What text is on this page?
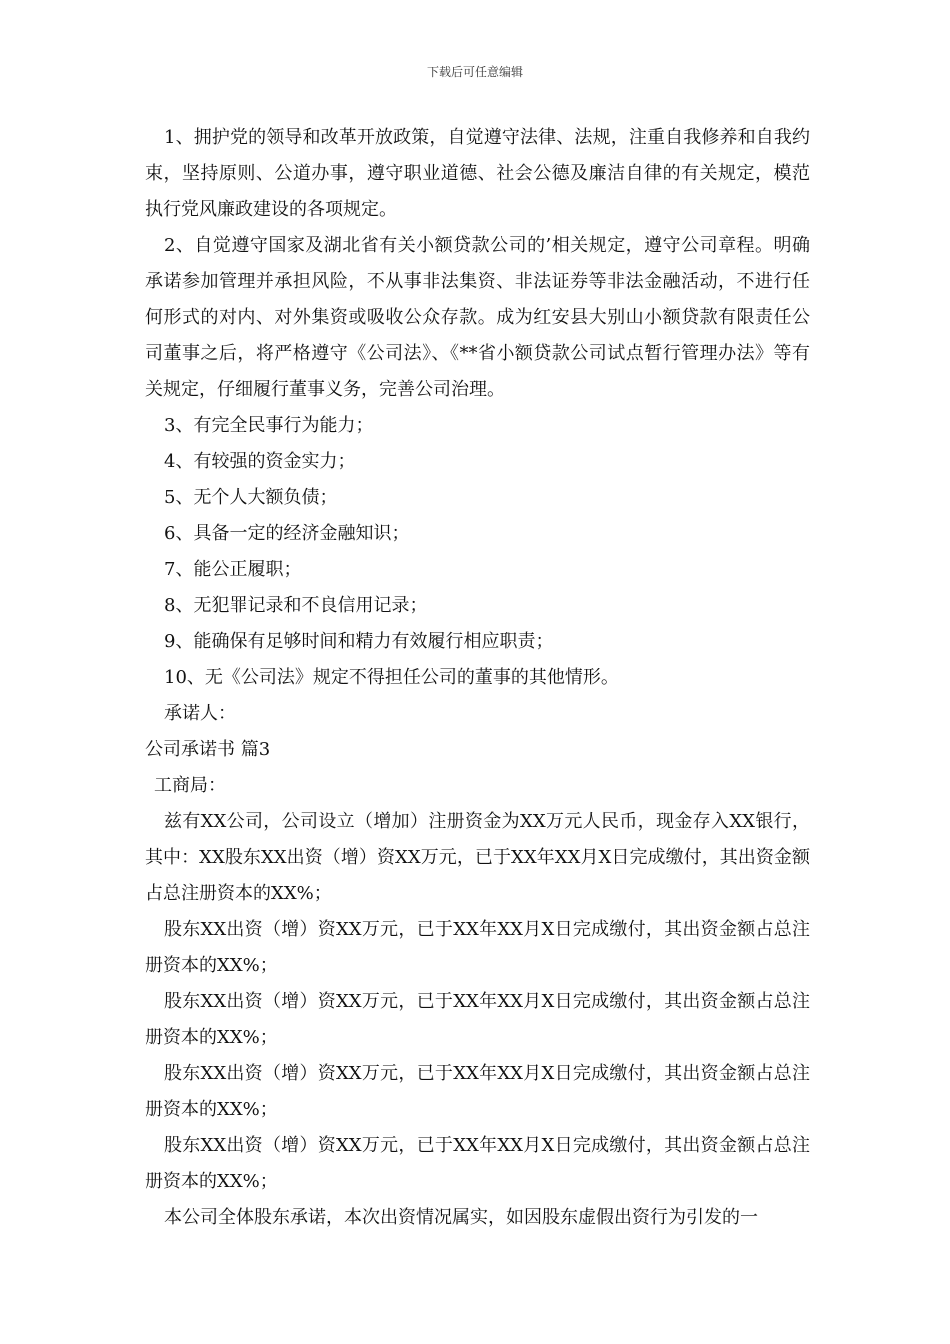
下载后可任意编辑

1、拥护党的领导和改革开放政策，自觉遵守法律、法规，注重自我修养和自我约束，坚持原则、公道办事，遵守职业道德、社会公德及廉洁自律的有关规定，模范执行党风廉政建设的各项规定。

2、自觉遵守国家及湖北省有关小额贷款公司的’相关规定，遵守公司章程。明确承诺参加管理并承担风险，不从事非法集资、非法证券等非法金融活动，不进行任何形式的对内、对外集资或吸收公众存款。成为红安县大别山小额贷款有限责任公司董事之后，将严格遵守《公司法》、《**省小额贷款公司试点暂行管理办法》等有关规定，仔细履行董事义务，完善公司治理。

3、有完全民事行为能力；

4、有较强的资金实力；

5、无个人大额负债；

6、具备一定的经济金融知识；

7、能公正履职；

8、无犯罪记录和不良信用记录；

9、能确保有足够时间和精力有效履行相应职责；

10、无《公司法》规定不得担任公司的董事的其他情形。

承诺人：

公司承诺书 篇3

工商局：

兹有XX公司，公司设立（增加）注册资金为XX万元人民币，现金存入XX银行，其中：XX股东XX出资（增）资XX万元，已于XX年XX月X日完成缴付，其出资金额占总注册资本的XX%；

股东XX出资（增）资XX万元，已于XX年XX月X日完成缴付，其出资金额占总注册资本的XX%；

股东XX出资（增）资XX万元，已于XX年XX月X日完成缴付，其出资金额占总注册资本的XX%；

股东XX出资（增）资XX万元，已于XX年XX月X日完成缴付，其出资金额占总注册资本的XX%；

股东XX出资（增）资XX万元，已于XX年XX月X日完成缴付，其出资金额占总注册资本的XX%；

本公司全体股东承诺，本次出资情况属实，如因股东虚假出资行为引发的一
